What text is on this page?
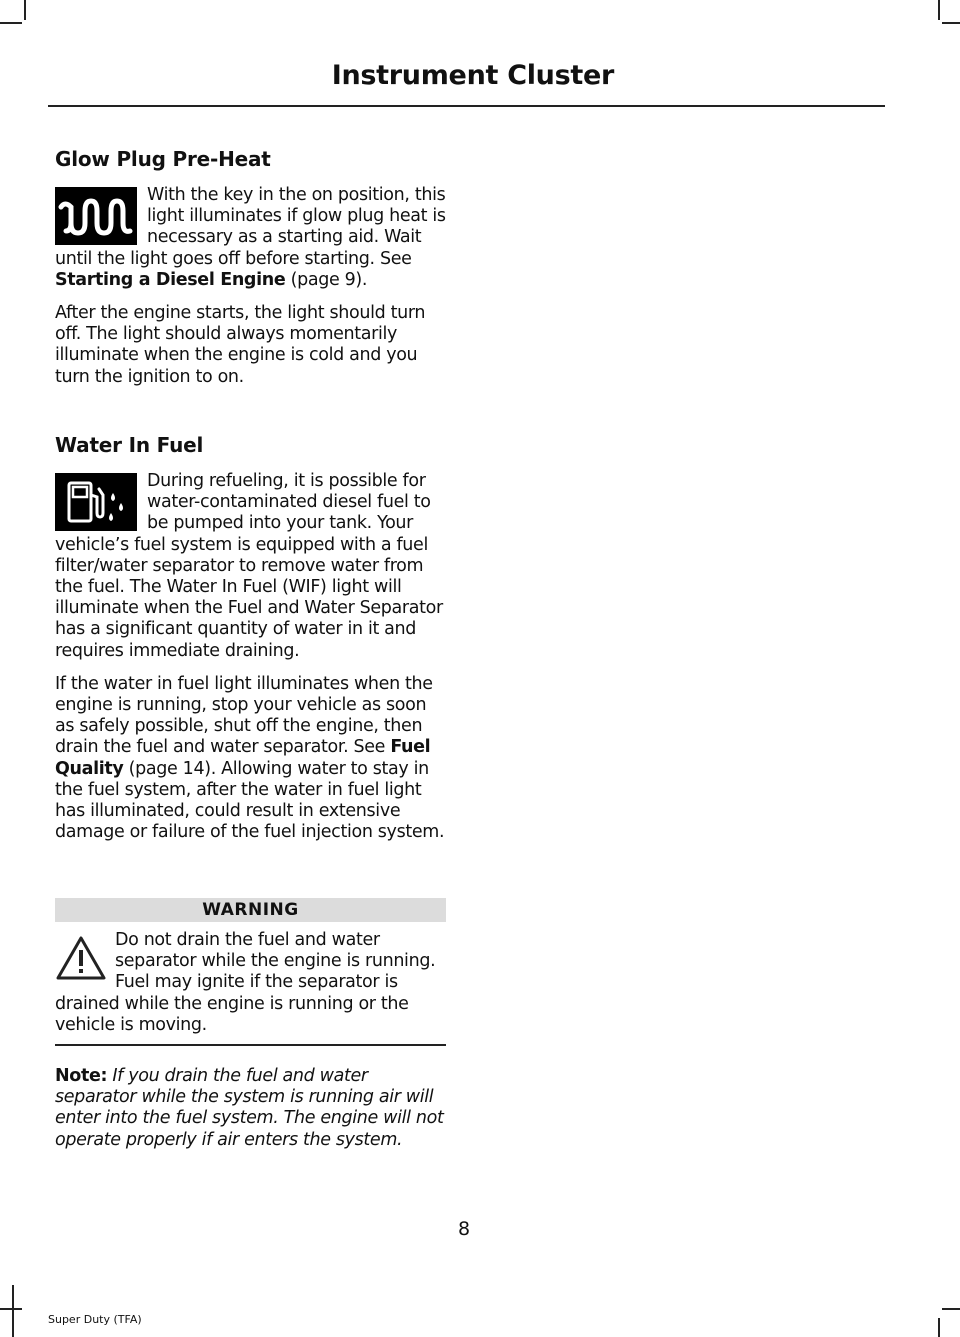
Instrument Cluster
Glow Plug Pre-Heat

With the key in the on position, this light illuminates if glow plug heat is necessary as a starting aid. Wait until the light goes off before starting. See Starting a Diesel Engine (page 9).

After the engine starts, the light should turn off. The light should always momentarily illuminate when the engine is cold and you turn the ignition to on.

Water In Fuel

During refueling, it is possible for water-contaminated diesel fuel to be pumped into your tank. Your vehicle’s fuel system is equipped with a fuel filter/water separator to remove water from the fuel. The Water In Fuel (WIF) light will illuminate when the Fuel and Water Separator has a significant quantity of water in it and requires immediate draining.

If the water in fuel light illuminates when the engine is running, stop your vehicle as soon as safely possible, shut off the engine, then drain the fuel and water separator. See Fuel Quality (page 14). Allowing water to stay in the fuel system, after the water in fuel light has illuminated, could result in extensive damage or failure of the fuel injection system.

WARNING

Do not drain the fuel and water separator while the engine is running. Fuel may ignite if the separator is drained while the engine is running or the vehicle is moving.

Note: If you drain the fuel and water separator while the system is running air will enter into the fuel system. The engine will not operate properly if air enters the system.

8
Super Duty (TFA)
